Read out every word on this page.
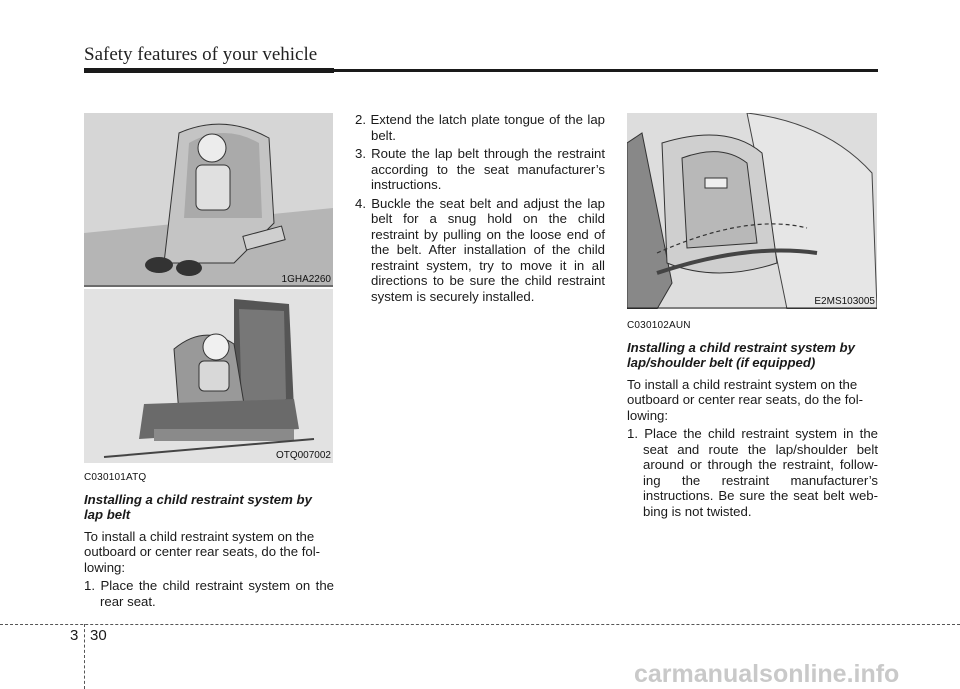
Safety features of your vehicle
1GHA2260
OTQ007002
E2MS103005
C030101ATQ
Installing a child restraint system by lap belt
To install a child restraint system on the outboard or center rear seats, do the fol-lowing:
1. Place the child restraint system on the rear seat.
2. Extend the latch plate tongue of the lap belt.
3. Route the lap belt through the restraint according to the seat manufacturer’s instructions.
4. Buckle the seat belt and adjust the lap belt for a snug hold on the child restraint by pulling on the loose end of the belt. After installation of the child restraint system, try to move it in all directions to be sure the child restraint system is securely installed.
C030102AUN
Installing a child restraint system by lap/shoulder belt (if equipped)
To install a child restraint system on the outboard or center rear seats, do the fol-lowing:
1. Place the child restraint system in the seat and route the lap/shoulder belt around or through the restraint, follow-ing the restraint manufacturer’s instructions. Be sure the seat belt web-bing is not twisted.
3 30
carmanualsonline.info
